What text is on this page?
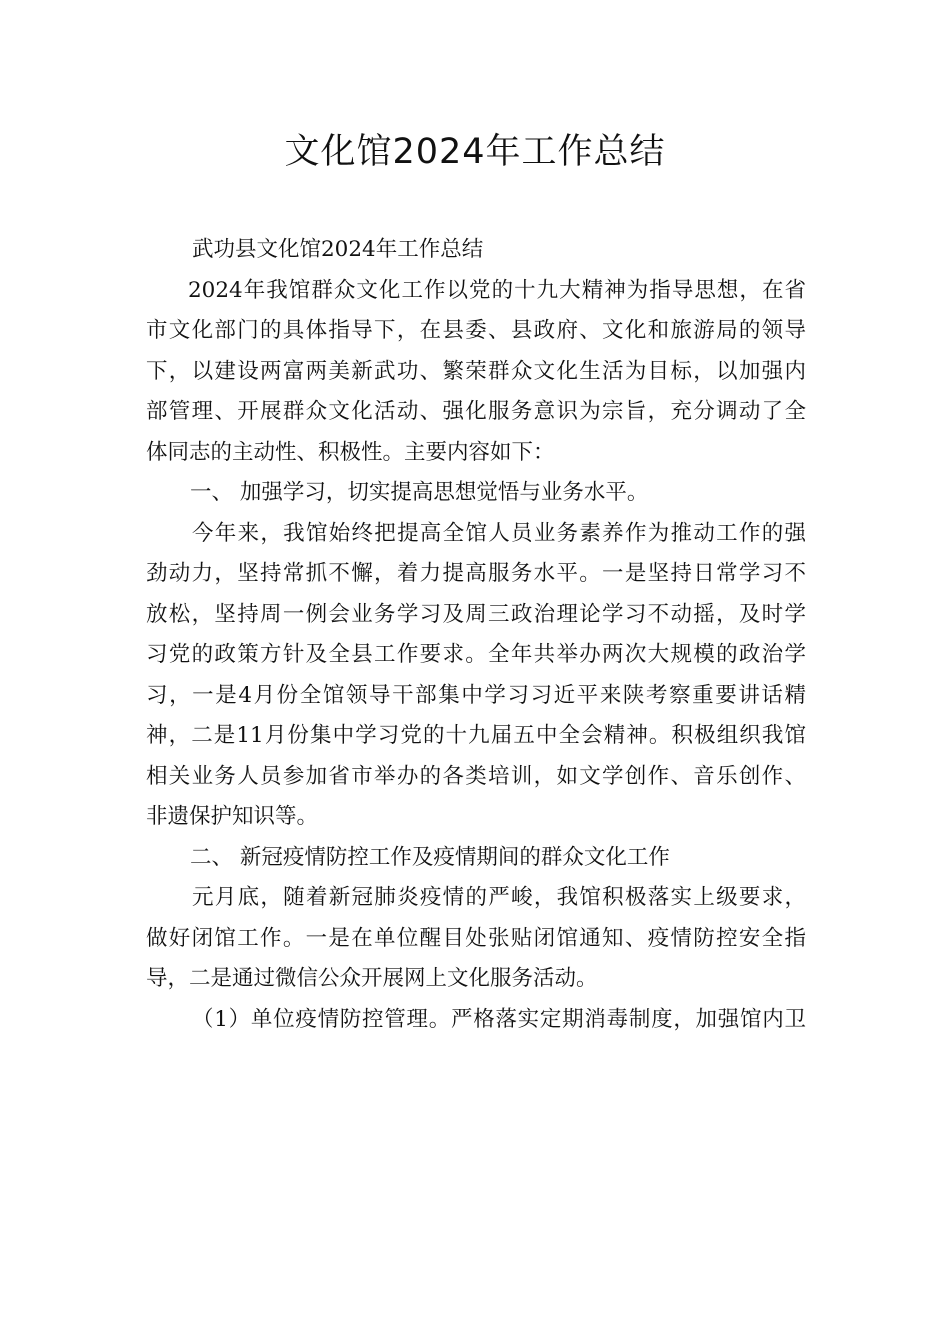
文化馆2024年工作总结
武功县文化馆2024年工作总结
2024年我馆群众文化工作以党的十九大精神为指导思想，在省
市文化部门的具体指导下，在县委、县政府、文化和旅游局的领导
下，以建设两富两美新武功、繁荣群众文化生活为目标，以加强内
部管理、开展群众文化活动、强化服务意识为宗旨，充分调动了全
体同志的主动性、积极性。主要内容如下：
一、 加强学习，切实提高思想觉悟与业务水平。
今年来，我馆始终把提高全馆人员业务素养作为推动工作的强
劲动力，坚持常抓不懈，着力提高服务水平。一是坚持日常学习不
放松，坚持周一例会业务学习及周三政治理论学习不动摇，及时学
习党的政策方针及全县工作要求。全年共举办两次大规模的政治学
习，一是4月份全馆领导干部集中学习习近平来陕考察重要讲话精
神，二是11月份集中学习党的十九届五中全会精神。积极组织我馆
相关业务人员参加省市举办的各类培训，如文学创作、音乐创作、
非遗保护知识等。
二、 新冠疫情防控工作及疫情期间的群众文化工作
元月底，随着新冠肺炎疫情的严峻，我馆积极落实上级要求，
做好闭馆工作。一是在单位醒目处张贴闭馆通知、疫情防控安全指
导，二是通过微信公众开展网上文化服务活动。
（1）单位疫情防控管理。严格落实定期消毒制度，加强馆内卫
